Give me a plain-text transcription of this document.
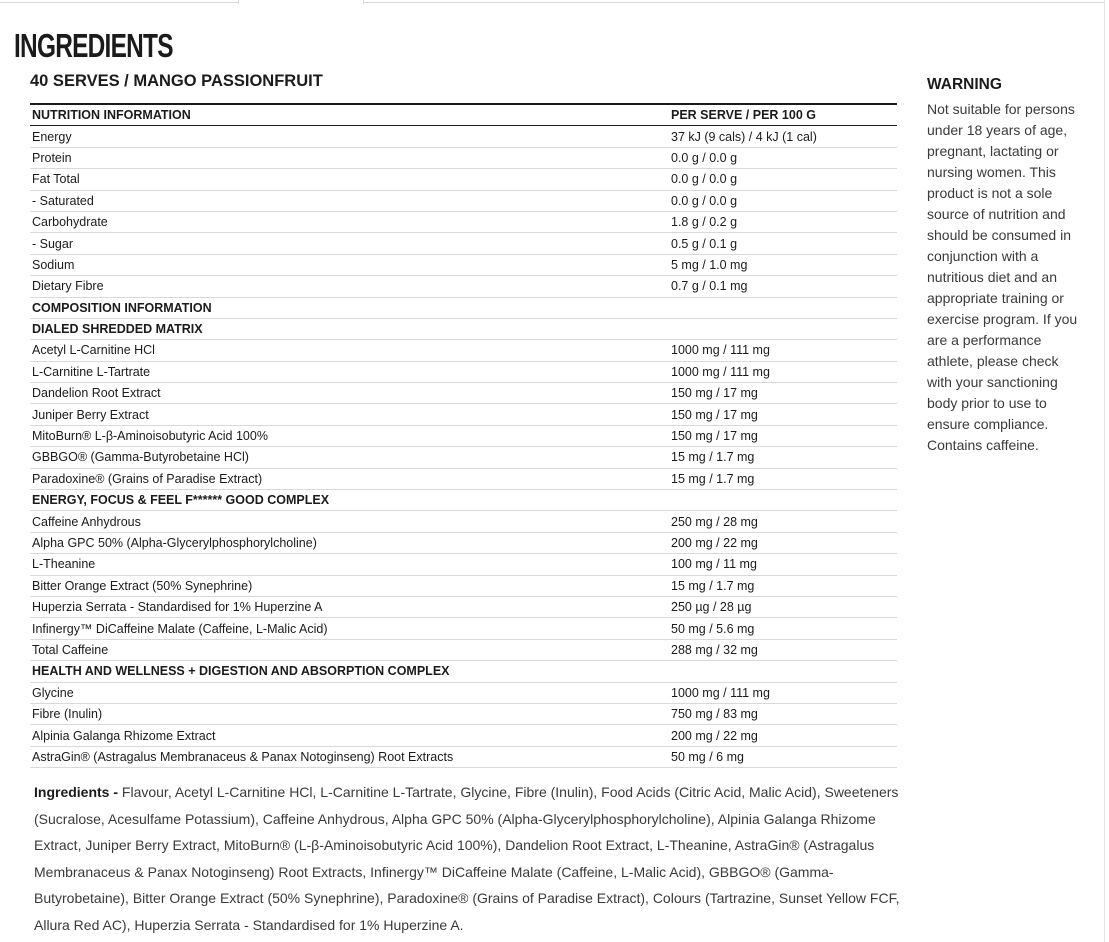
INGREDIENTS
40 SERVES / MANGO PASSIONFRUIT
NUTRITION INFORMATION	PER SERVE / PER 100 G
Energy	37 kJ (9 cals) / 4 kJ (1 cal)
Protein	0.0 g / 0.0 g
Fat Total	0.0 g / 0.0 g
- Saturated	0.0 g / 0.0 g
Carbohydrate	1.8 g / 0.2 g
- Sugar	0.5 g / 0.1 g
Sodium	5 mg / 1.0 mg
Dietary Fibre	0.7 g / 0.1 mg
COMPOSITION INFORMATION	
DIALED SHREDDED MATRIX	
Acetyl L-Carnitine HCl	1000 mg / 111 mg
L-Carnitine L-Tartrate	1000 mg / 111 mg
Dandelion Root Extract	150 mg / 17 mg
Juniper Berry Extract	150 mg / 17 mg
MitoBurn® L-β-Aminoisobutyric Acid 100%	150 mg / 17 mg
GBBGO® (Gamma-Butyrobetaine HCl)	15 mg / 1.7 mg
Paradoxine® (Grains of Paradise Extract)	15 mg / 1.7 mg
ENERGY, FOCUS & FEEL F****** GOOD COMPLEX	
Caffeine Anhydrous	250 mg / 28 mg
Alpha GPC 50% (Alpha-Glycerylphosphorylcholine)	200 mg / 22 mg
L-Theanine	100 mg / 11 mg
Bitter Orange Extract (50% Synephrine)	15 mg / 1.7 mg
Huperzia Serrata - Standardised for 1% Huperzine A	250 µg / 28 µg
Infinergy™ DiCaffeine Malate (Caffeine, L-Malic Acid)	50 mg / 5.6 mg
Total Caffeine	288 mg / 32 mg
HEALTH AND WELLNESS + DIGESTION AND ABSORPTION COMPLEX	
Glycine	1000 mg / 111 mg
Fibre (Inulin)	750 mg / 83 mg
Alpinia Galanga Rhizome Extract	200 mg / 22 mg
AstraGin® (Astragalus Membranaceus & Panax Notoginseng) Root Extracts	50 mg / 6 mg

Ingredients - Flavour, Acetyl L-Carnitine HCl, L-Carnitine L-Tartrate, Glycine, Fibre (Inulin), Food Acids (Citric Acid, Malic Acid), Sweeteners (Sucralose, Acesulfame Potassium), Caffeine Anhydrous, Alpha GPC 50% (Alpha-Glycerylphosphorylcholine), Alpinia Galanga Rhizome Extract, Juniper Berry Extract, MitoBurn® (L-β-Aminoisobutyric Acid 100%), Dandelion Root Extract, L-Theanine, AstraGin® (Astragalus Membranaceus & Panax Notoginseng) Root Extracts, Infinergy™ DiCaffeine Malate (Caffeine, L-Malic Acid), GBBGO® (Gamma-Butyrobetaine), Bitter Orange Extract (50% Synephrine), Paradoxine® (Grains of Paradise Extract), Colours (Tartrazine, Sunset Yellow FCF, Allura Red AC), Huperzia Serrata - Standardised for 1% Huperzine A.

WARNING

Not suitable for persons under 18 years of age, pregnant, lactating or nursing women. This product is not a sole source of nutrition and should be consumed in conjunction with a nutritious diet and an appropriate training or exercise program. If you are a performance athlete, please check with your sanctioning body prior to use to ensure compliance. Contains caffeine.
